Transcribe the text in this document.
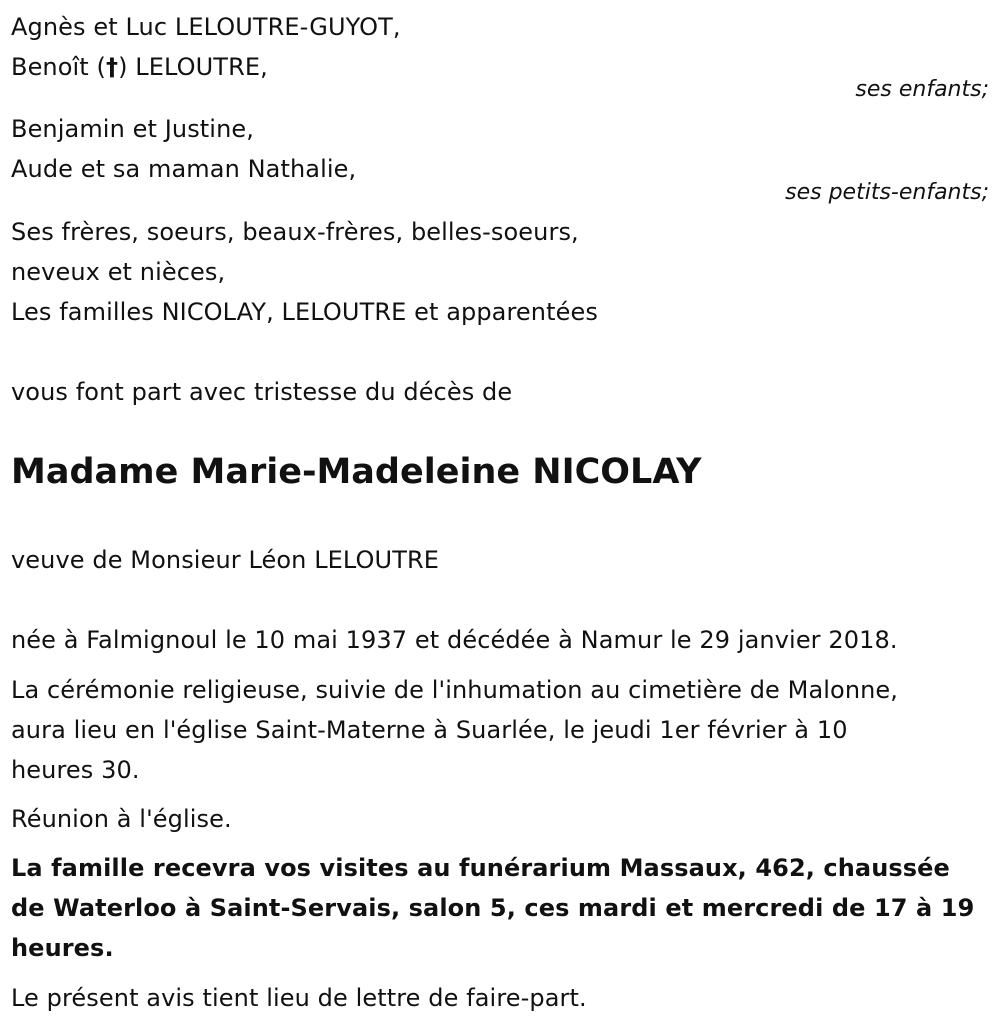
Agnès et Luc LELOUTRE-GUYOT,
Benoît (†) LELOUTRE,
ses enfants;
Benjamin et Justine,
Aude et sa maman Nathalie,
ses petits-enfants;
Ses frères, soeurs, beaux-frères, belles-soeurs,
neveux et nièces,
Les familles NICOLAY, LELOUTRE et apparentées
vous font part avec tristesse du décès de
Madame Marie-Madeleine NICOLAY
veuve de Monsieur Léon LELOUTRE
née à Falmignoul le 10 mai 1937 et décédée à Namur le 29 janvier 2018.
La cérémonie religieuse, suivie de l'inhumation au cimetière de Malonne,
aura lieu en l'église Saint-Materne à Suarlée, le jeudi 1er février à 10
heures 30.
Réunion à l'église.
La famille recevra vos visites au funérarium Massaux, 462, chaussée
de Waterloo à Saint-Servais, salon 5, ces mardi et mercredi de 17 à 19
heures.
Le présent avis tient lieu de lettre de faire-part.
